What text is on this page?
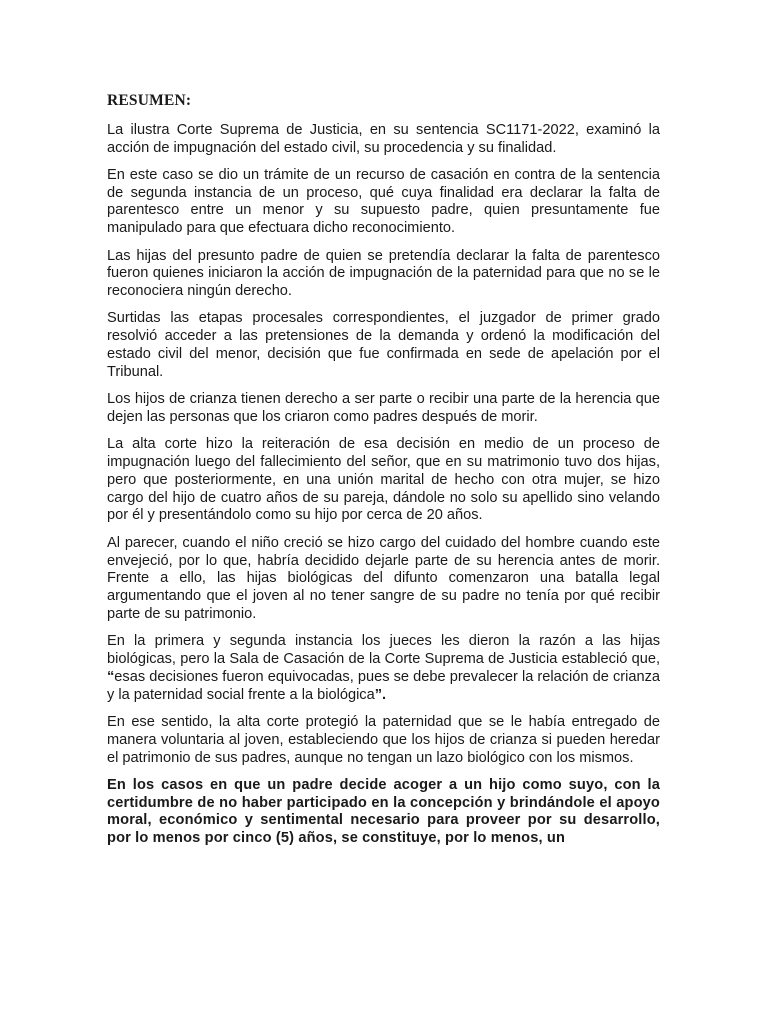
RESUMEN:

La ilustra Corte Suprema de Justicia, en su sentencia SC1171-2022, examinó la acción de impugnación del estado civil, su procedencia y su finalidad.

En este caso se dio un trámite de un recurso de casación en contra de la sentencia de segunda instancia de un proceso, qué cuya finalidad era declarar la falta de parentesco entre un menor y su supuesto padre, quien presuntamente fue manipulado para que efectuara dicho reconocimiento.

Las hijas del presunto padre de quien se pretendía declarar la falta de parentesco fueron quienes iniciaron la acción de impugnación de la paternidad para que no se le reconociera ningún derecho.

Surtidas las etapas procesales correspondientes, el juzgador de primer grado resolvió acceder a las pretensiones de la demanda y ordenó la modificación del estado civil del menor, decisión que fue confirmada en sede de apelación por el Tribunal.

Los hijos de crianza tienen derecho a ser parte o recibir una parte de la herencia que dejen las personas que los criaron como padres después de morir.

La alta corte hizo la reiteración de esa decisión en medio de un proceso de impugnación luego del fallecimiento del señor, que en su matrimonio tuvo dos hijas, pero que posteriormente, en una unión marital de hecho con otra mujer, se hizo cargo del hijo de cuatro años de su pareja, dándole no solo su apellido sino velando por él y presentándolo como su hijo por cerca de 20 años.

Al parecer, cuando el niño creció se hizo cargo del cuidado del hombre cuando este envejeció, por lo que, habría decidido dejarle parte de su herencia antes de morir. Frente a ello, las hijas biológicas del difunto comenzaron una batalla legal argumentando que el joven al no tener sangre de su padre no tenía por qué recibir parte de su patrimonio.

En la primera y segunda instancia los jueces les dieron la razón a las hijas biológicas, pero la Sala de Casación de la Corte Suprema de Justicia estableció que, “esas decisiones fueron equivocadas, pues se debe prevalecer la relación de crianza y la paternidad social frente a la biológica”.

En ese sentido, la alta corte protegió la paternidad que se le había entregado de manera voluntaria al joven, estableciendo que los hijos de crianza si pueden heredar el patrimonio de sus padres, aunque no tengan un lazo biológico con los mismos.

En los casos en que un padre decide acoger a un hijo como suyo, con la certidumbre de no haber participado en la concepción y brindándole el apoyo moral, económico y sentimental necesario para proveer por su desarrollo, por lo menos por cinco (5) años, se constituye, por lo menos, un
